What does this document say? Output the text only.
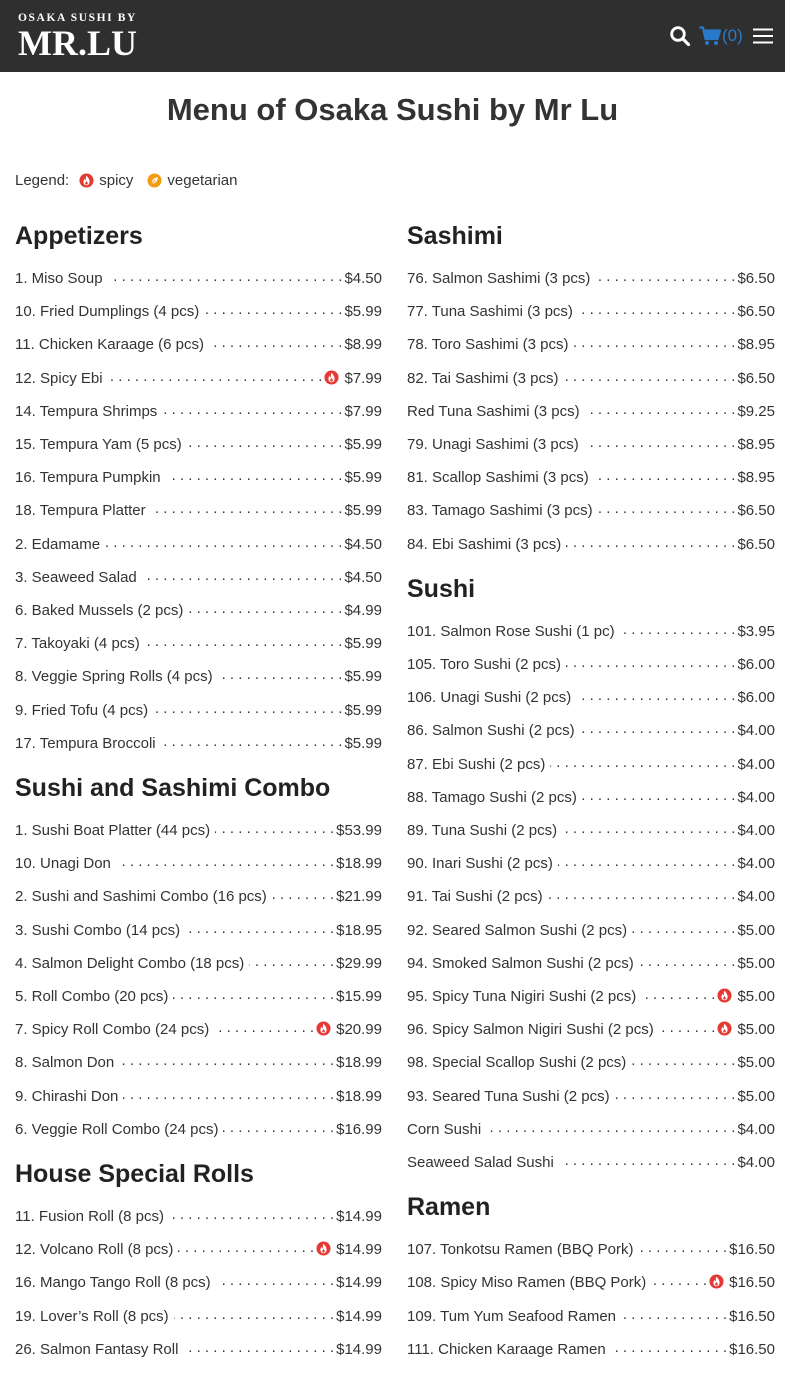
OSAKA SUSHI BY
MR.LU	(0)
Menu of Osaka Sushi by Mr Lu
Legend: spicy vegetarian
Appetizers
1. Miso Soup . . .	$4.50
10. Fried Dumplings (4 pcs) . . .	$5.99
11. Chicken Karaage (6 pcs) . . .	$8.99
12. Spicy Ebi . . .	$7.99
14. Tempura Shrimps . . .	$7.99
15. Tempura Yam (5 pcs) . . .	$5.99
16. Tempura Pumpkin . . .	$5.99
18. Tempura Platter . . .	$5.99
2. Edamame . . .	$4.50
3. Seaweed Salad . . .	$4.50
6. Baked Mussels (2 pcs) . . .	$4.99
7. Takoyaki (4 pcs) . . .	$5.99
8. Veggie Spring Rolls (4 pcs) . . .	$5.99
9. Fried Tofu (4 pcs) . . .	$5.99
17. Tempura Broccoli . . .	$5.99
Sushi and Sashimi Combo
1. Sushi Boat Platter (44 pcs) . . .	$53.99
10. Unagi Don . . .	$18.99
2. Sushi and Sashimi Combo (16 pcs) . . .	$21.99
3. Sushi Combo (14 pcs) . . .	$18.95
4. Salmon Delight Combo (18 pcs) . . .	$29.99
5. Roll Combo (20 pcs) . . .	$15.99
7. Spicy Roll Combo (24 pcs) . . .	$20.99
8. Salmon Don . . .	$18.99
9. Chirashi Don . . .	$18.99
6. Veggie Roll Combo (24 pcs) . . .	$16.99
House Special Rolls
11. Fusion Roll (8 pcs) . . .	$14.99
12. Volcano Roll (8 pcs) . . .	$14.99
16. Mango Tango Roll (8 pcs) . . .	$14.99
19. Lover’s Roll (8 pcs) . . .	$14.99
26. Salmon Fantasy Roll . . .	$14.99
Sashimi
76. Salmon Sashimi (3 pcs) . . .	$6.50
77. Tuna Sashimi (3 pcs) . . .	$6.50
78. Toro Sashimi (3 pcs) . . .	$8.95
82. Tai Sashimi (3 pcs) . . .	$6.50
Red Tuna Sashimi (3 pcs) . . .	$9.25
79. Unagi Sashimi (3 pcs) . . .	$8.95
81. Scallop Sashimi (3 pcs) . . .	$8.95
83. Tamago Sashimi (3 pcs) . . .	$6.50
84. Ebi Sashimi (3 pcs) . . .	$6.50
Sushi
101. Salmon Rose Sushi (1 pc) . . .	$3.95
105. Toro Sushi (2 pcs) . . .	$6.00
106. Unagi Sushi (2 pcs) . . .	$6.00
86. Salmon Sushi (2 pcs) . . .	$4.00
87. Ebi Sushi (2 pcs) . . .	$4.00
88. Tamago Sushi (2 pcs) . . .	$4.00
89. Tuna Sushi (2 pcs) . . .	$4.00
90. Inari Sushi (2 pcs) . . .	$4.00
91. Tai Sushi (2 pcs) . . .	$4.00
92. Seared Salmon Sushi (2 pcs) . . .	$5.00
94. Smoked Salmon Sushi (2 pcs) . . .	$5.00
95. Spicy Tuna Nigiri Sushi (2 pcs) . . .	$5.00
96. Spicy Salmon Nigiri Sushi (2 pcs) . . .	$5.00
98. Special Scallop Sushi (2 pcs) . . .	$5.00
93. Seared Tuna Sushi (2 pcs) . . .	$5.00
Corn Sushi . . .	$4.00
Seaweed Salad Sushi . . .	$4.00
Ramen
107. Tonkotsu Ramen (BBQ Pork) . . .	$16.50
108. Spicy Miso Ramen (BBQ Pork) . . .	$16.50
109. Tum Yum Seafood Ramen . . .	$16.50
111. Chicken Karaage Ramen . . .	$16.50
